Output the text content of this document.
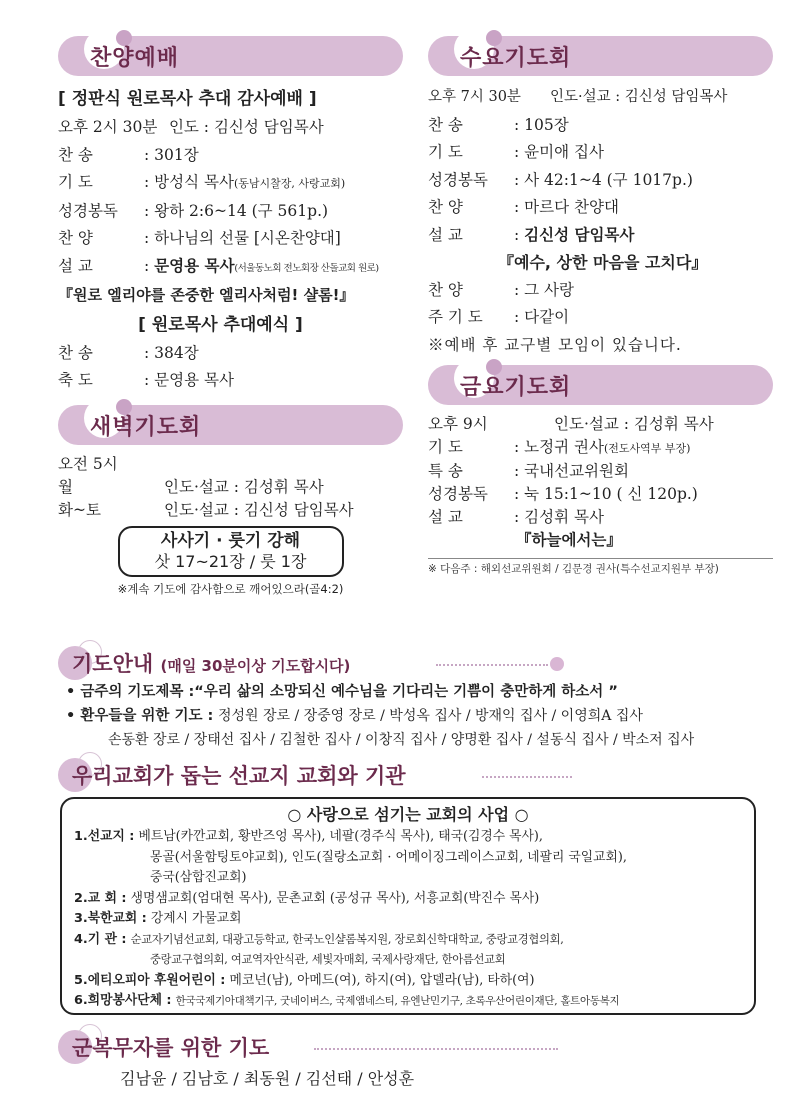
찬양예배
[ 정판식 원로목사 추대 감사예배 ]
오후 2시 30분 인도 : 김신성 담임목사
찬 송	: 301장
기 도	: 방성식 목사(동남시찰장, 사랑교회)
성경봉독 : 왕하 2:6~14 (구 561p.)
찬 양	: 하나님의 선물 [시온찬양대]
설 교	: 문영용 목사(서울동노회 전노회장 산돌교회 원로)
『원로 엘리야를 존중한 엘리사처럼! 샬롬!』
[ 원로목사 추대예식 ]
찬 송	: 384장
축 도	: 문영용 목사
새벽기도회
오전 5시
월	인도·설교 : 김성휘 목사
화~토	인도·설교 : 김신성 담임목사
사사기 · 룻기 강해
삿 17~21장 / 룻 1장
※계속 기도에 감사함으로 깨어있으라(골4:2)
수요기도회
오후 7시 30분 인도·설교 : 김신성 담임목사
찬 송	: 105장
기 도	: 윤미애 집사
성경봉독 : 사 42:1~4 (구 1017p.)
찬 양	: 마르다 찬양대
설 교	: 김신성 담임목사
『예수, 상한 마음을 고치다』
찬 양	: 그 사랑
주 기 도 : 다같이
※예배 후 교구별 모임이 있습니다.
금요기도회
오후 9시	인도·설교 : 김성휘 목사
기 도	: 노정귀 권사(전도사역부 부장)
특 송	: 국내선교위원회
성경봉독 : 눅 15:1~10 ( 신 120p.)
설 교	: 김성휘 목사
『하늘에서는』
※ 다음주 : 해외선교위원회 / 김문경 권사(특수선교지원부 부장)
기도안내 (매일 30분이상 기도합시다)
• 금주의 기도제목 :“우리 삶의 소망되신 예수님을 기다리는 기쁨이 충만하게 하소서 ”
• 환우들을 위한 기도 : 정성원 장로 / 장중영 장로 / 박성옥 집사 / 방재익 집사 / 이영희A 집사
손동환 장로 / 장태선 집사 / 김철한 집사 / 이창직 집사 / 양명환 집사 / 설동식 집사 / 박소저 집사
우리교회가 돕는 선교지 교회와 기관
○ 사랑으로 섬기는 교회의 사업 ○
1.선교지 : 베트남(카깐교회, 황반즈엉 목사), 네팔(경주식 목사), 태국(김경수 목사),
몽골(서울함팅토야교회), 인도(질랑소교회 · 어메이징그레이스교회, 네팔리 국일교회),
중국(삼합진교회)
2.교 회 : 생명샘교회(엄대현 목사), 문촌교회 (공성규 목사), 서흥교회(박진수 목사)
3.북한교회 : 강계시 가물교회
4.기 관 : 순교자기념선교회, 대광고등학교, 한국노인샬롬복지원, 장로회신학대학교, 중랑교경협의회,
중랑교구협의회, 여교역자안식관, 세빛자매회, 국제사랑재단, 한아름선교회
5.에티오피아 후원어린이 : 메코넌(남), 아메드(여), 하지(여), 압델라(남), 타하(여)
6.희망봉사단체 : 한국국제기아대책기구, 굿네이버스, 국제앰네스티, 유엔난민기구, 초록우산어린이재단, 홀트아동복지
군복무자를 위한 기도
김남윤 / 김남호 / 최동원 / 김선태 / 안성훈
